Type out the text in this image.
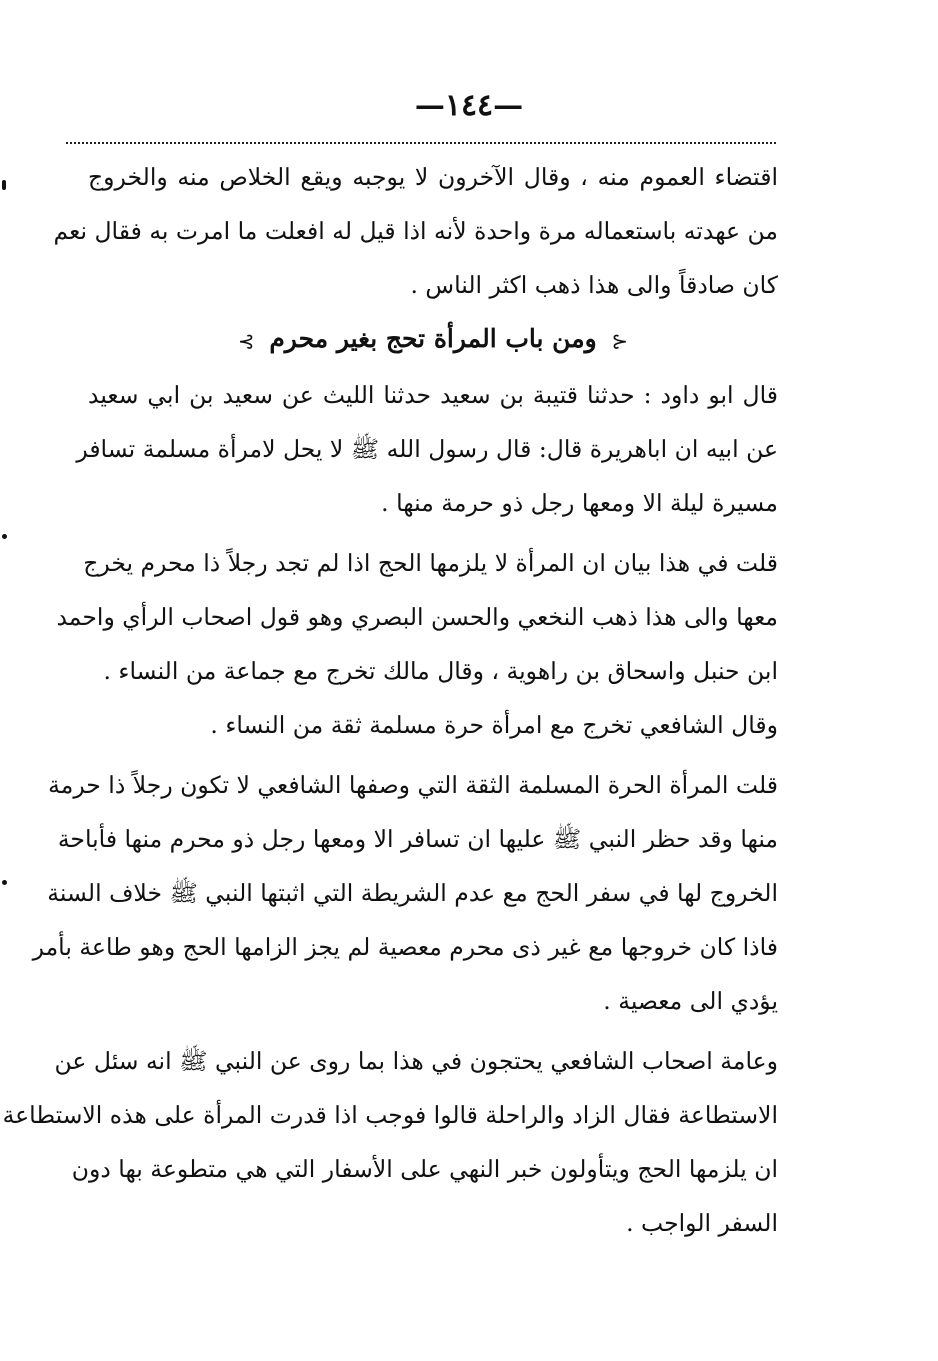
—١٤٤—
اقتضاء العموم منه ، وقال الآخرون لا يوجبه ويقع الخلاص منه والخروج
من عهدته باستعماله مرة واحدة لأنه اذا قيل له افعلت ما امرت به فقال نعم
كان صادقاً والى هذا ذهب اكثر الناس .
⊰ ومن باب المرأة تحج بغير محرم ⊱
قال ابو داود : حدثنا قتيبة بن سعيد حدثنا الليث عن سعيد بن ابي سعيد
عن ابيه ان اباهريرة قال: قال رسول الله ﷺ لا يحل لامرأة مسلمة تسافر
مسيرة ليلة الا ومعها رجل ذو حرمة منها .
قلت في هذا بيان ان المرأة لا يلزمها الحج اذا لم تجد رجلاً ذا محرم يخرج
معها والى هذا ذهب النخعي والحسن البصري وهو قول اصحاب الرأي واحمد
ابن حنبل واسحاق بن راهوية ، وقال مالك تخرج مع جماعة من النساء .
وقال الشافعي تخرج مع امرأة حرة مسلمة ثقة من النساء .
قلت المرأة الحرة المسلمة الثقة التي وصفها الشافعي لا تكون رجلاً ذا حرمة
منها وقد حظر النبي ﷺ عليها ان تسافر الا ومعها رجل ذو محرم منها فأباحة
الخروج لها في سفر الحج مع عدم الشريطة التي اثبتها النبي ﷺ خلاف السنة
فاذا كان خروجها مع غير ذى محرم معصية لم يجز الزامها الحج وهو طاعة بأمر
يؤدي الى معصية .
وعامة اصحاب الشافعي يحتجون في هذا بما روى عن النبي ﷺ انه سئل عن
الاستطاعة فقال الزاد والراحلة قالوا فوجب اذا قدرت المرأة على هذه الاستطاعة
ان يلزمها الحج ويتأولون خبر النهي على الأسفار التي هي متطوعة بها دون
السفر الواجب .
